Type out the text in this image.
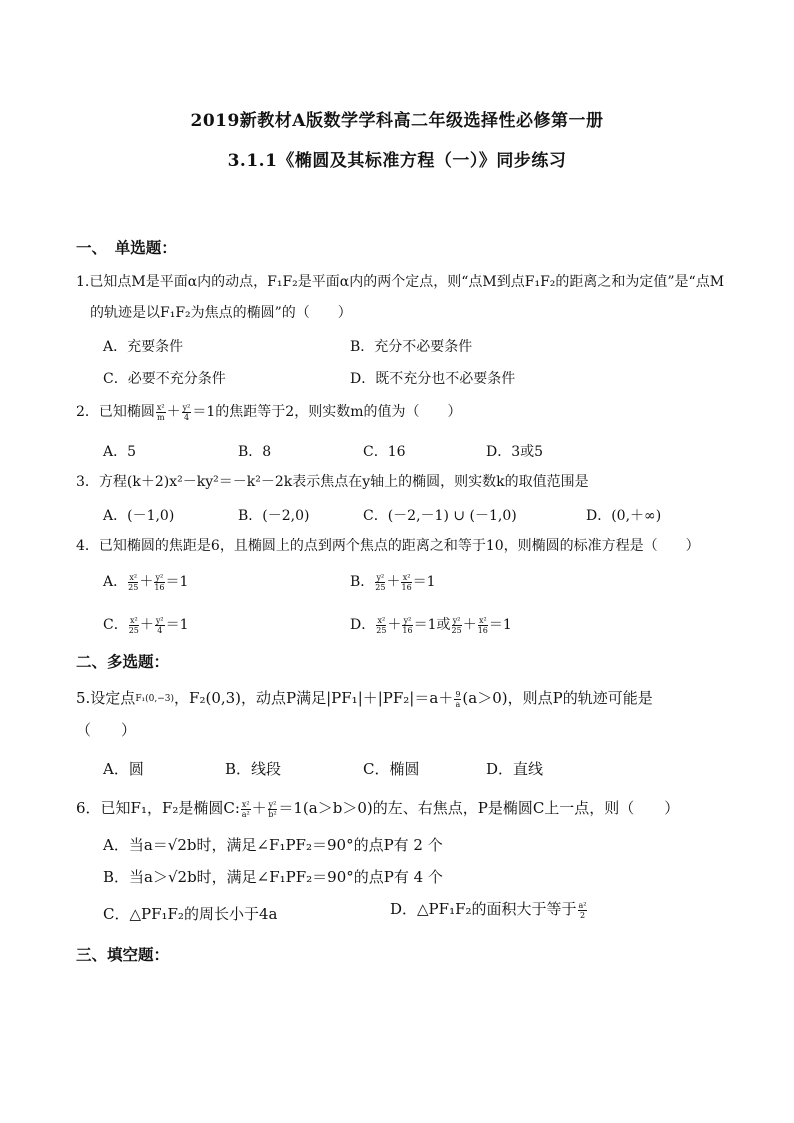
2019新教材A版数学学科高二年级选择性必修第一册
3.1.1《椭圆及其标准方程（一）》同步练习
一、　单选题：
1.已知点M是平面α内的动点，F₁F₂是平面α内的两个定点，则“点M到点F₁F₂的距离之和为定值”是“点M
的轨迹是以F₁F₂为焦点的椭圆”的（　　）
A．充要条件	B．充分不必要条件
C．必要不充分条件	D．既不充分也不必要条件
2．已知椭圆 $\frac{\text{x²}}{m} + \frac{\text{y²}}{4} =1$的焦距等于2，则实数m的值为（　　）
A．5	B．8	C．16	D．3或5
3．方程(k＋2)x²－ky²＝－k²－2k表示焦点在y轴上的椭圆，则实数k的取值范围是
A．(－1,0)	B．(－2,0)	C．(－2,－1) ∪ (－1,0)	D．(0,＋∞)
4．已知椭圆的焦距是6，且椭圆上的点到两个焦点的距离之和等于10，则椭圆的标准方程是（　　）
A． $\frac{\text{x²}}{25} + \frac{\text{y²}}{16} =1$	B． $\frac{\text{y²}}{25} + \frac{\text{x²}}{16} =1$
C． $\frac{\text{x²}}{25} + \frac{\text{y²}}{4} =1$	D． $\frac{\text{x²}}{25} + \frac{\text{y²}}{16} =1$或 $\frac{\text{y²}}{25} + \frac{\text{x²}}{16} =1$
二、多选题：
5.设定点F₁(0,−3)，F₂(0,3)，动点P满足$|PF_1|+|PF_2|=a+ \frac{9}{a} (a>0)$，则点P的轨迹可能是
（　　）
A．圆	B．线段	C．椭圆	D．直线
6．已知F₁，F₂是椭圆C: $\frac{\text{x²}}{\text{a²}} + \frac{\text{y²}}{\text{b²}} =1(a>b>0)$的左、右焦点，P是椭圆C上一点，则（　　）
A．当a＝√2b时，满足∠F₁PF₂＝90°的点P有 2 个
B．当a＞√2b时，满足∠F₁PF₂＝90°的点P有 4 个
C．△PF₁F₂的周长小于4a	D．△PF₁F₂的面积大于等于 $\frac{\text{a²}}{2}$
三、填空题：
